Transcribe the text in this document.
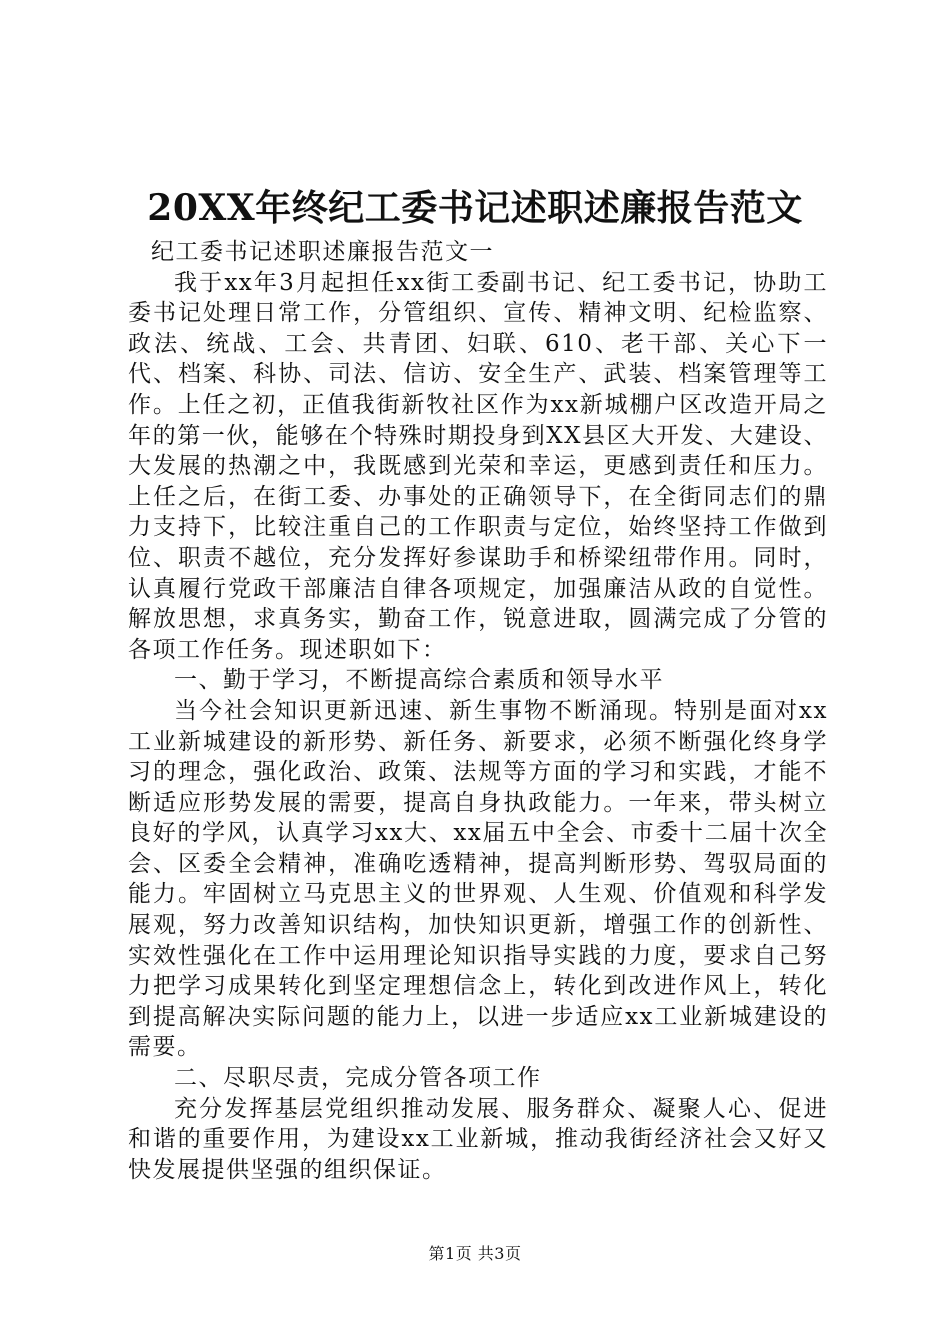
20XX年终纪工委书记述职述廉报告范文

纪工委书记述职述廉报告范文一

我于xx年3月起担任xx街工委副书记、纪工委书记，协助工委书记处理日常工作，分管组织、宣传、精神文明、纪检监察、政法、统战、工会、共青团、妇联、610、老干部、关心下一代、档案、科协、司法、信访、安全生产、武装、档案管理等工作。上任之初，正值我街新牧社区作为xx新城棚户区改造开局之年的第一伙，能够在个特殊时期投身到XX县区大开发、大建设、大发展的热潮之中，我既感到光荣和幸运，更感到责任和压力。上任之后，在街工委、办事处的正确领导下，在全街同志们的鼎力支持下，比较注重自己的工作职责与定位，始终坚持工作做到位、职责不越位，充分发挥好参谋助手和桥梁纽带作用。同时，认真履行党政干部廉洁自律各项规定，加强廉洁从政的自觉性。解放思想，求真务实，勤奋工作，锐意进取，圆满完成了分管的各项工作任务。现述职如下：

一、勤于学习，不断提高综合素质和领导水平

当今社会知识更新迅速、新生事物不断涌现。特别是面对xx工业新城建设的新形势、新任务、新要求，必须不断强化终身学习的理念，强化政治、政策、法规等方面的学习和实践，才能不断适应形势发展的需要，提高自身执政能力。一年来，带头树立良好的学风，认真学习xx大、xx届五中全会、市委十二届十次全会、区委全会精神，准确吃透精神，提高判断形势、驾驭局面的能力。牢固树立马克思主义的世界观、人生观、价值观和科学发展观，努力改善知识结构，加快知识更新，增强工作的创新性、实效性强化在工作中运用理论知识指导实践的力度，要求自己努力把学习成果转化到坚定理想信念上，转化到改进作风上，转化到提高解决实际问题的能力上，以进一步适应xx工业新城建设的需要。

二、尽职尽责，完成分管各项工作

充分发挥基层党组织推动发展、服务群众、凝聚人心、促进和谐的重要作用，为建设xx工业新城，推动我街经济社会又好又快发展提供坚强的组织保证。

第1页 共3页
